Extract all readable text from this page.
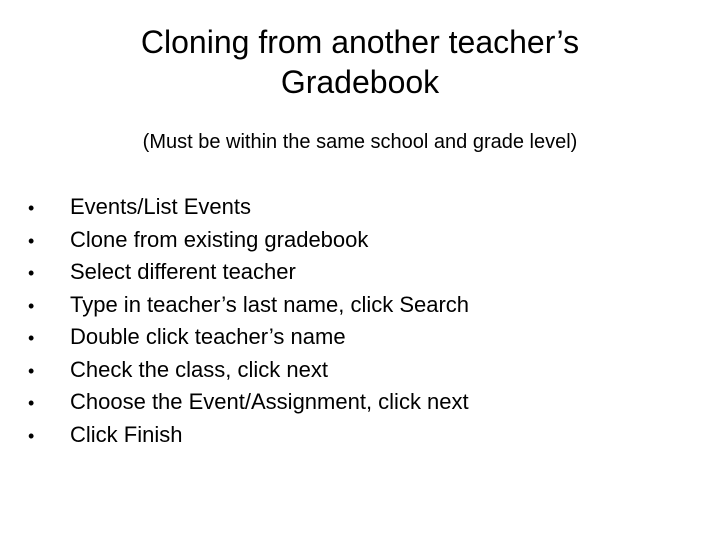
Cloning from another teacher’s
Gradebook

(Must be within the same school and grade level)

•	Events/List Events
•	Clone from existing gradebook
•	Select different teacher
•	Type in teacher’s last name, click Search
•	Double click teacher’s name
•	Check the class, click next
•	Choose the Event/Assignment, click next
•	Click Finish
